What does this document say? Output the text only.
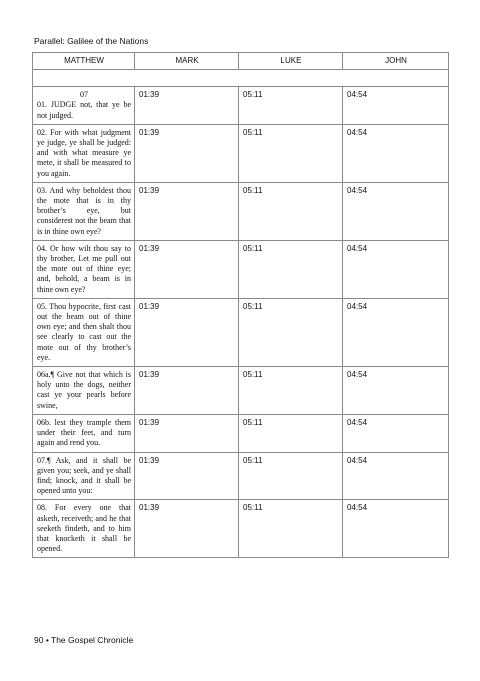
Parallel: Galilee of the Nations
MATTHEW	MARK	LUKE	JOHN

07
01. JUDGE not, that ye be not judged.	01:39	05:11	04:54
02. For with what judgment ye judge, ye shall be judged: and with what measure ye mete, it shall be measured to you again.	01:39	05:11	04:54
03. And why beholdest thou the mote that is in thy brother’s eye, but considerest not the beam that is in thine own eye?	01:39	05:11	04:54
04. Or how wilt thou say to thy brother, Let me pull out the mote out of thine eye; and, behold, a beam is in thine own eye?	01:39	05:11	04:54
05. Thou hypocrite, first cast out the beam out of thine own eye; and then shalt thou see clearly to cast out the mote out of thy brother’s eye.	01:39	05:11	04:54
06a.¶ Give not that which is holy unto the dogs, neither cast ye your pearls before swine,	01:39	05:11	04:54
06b. lest they trample them under their feet, and turn again and rend you.	01:39	05:11	04:54
07.¶ Ask, and it shall be given you; seek, and ye shall find; knock, and it shall be opened unto you:	01:39	05:11	04:54
08. For every one that asketh, receiveth; and he that seeketh findeth, and to him that knocketh it shall be opened.	01:39	05:11	04:54
90 • The Gospel Chronicle
